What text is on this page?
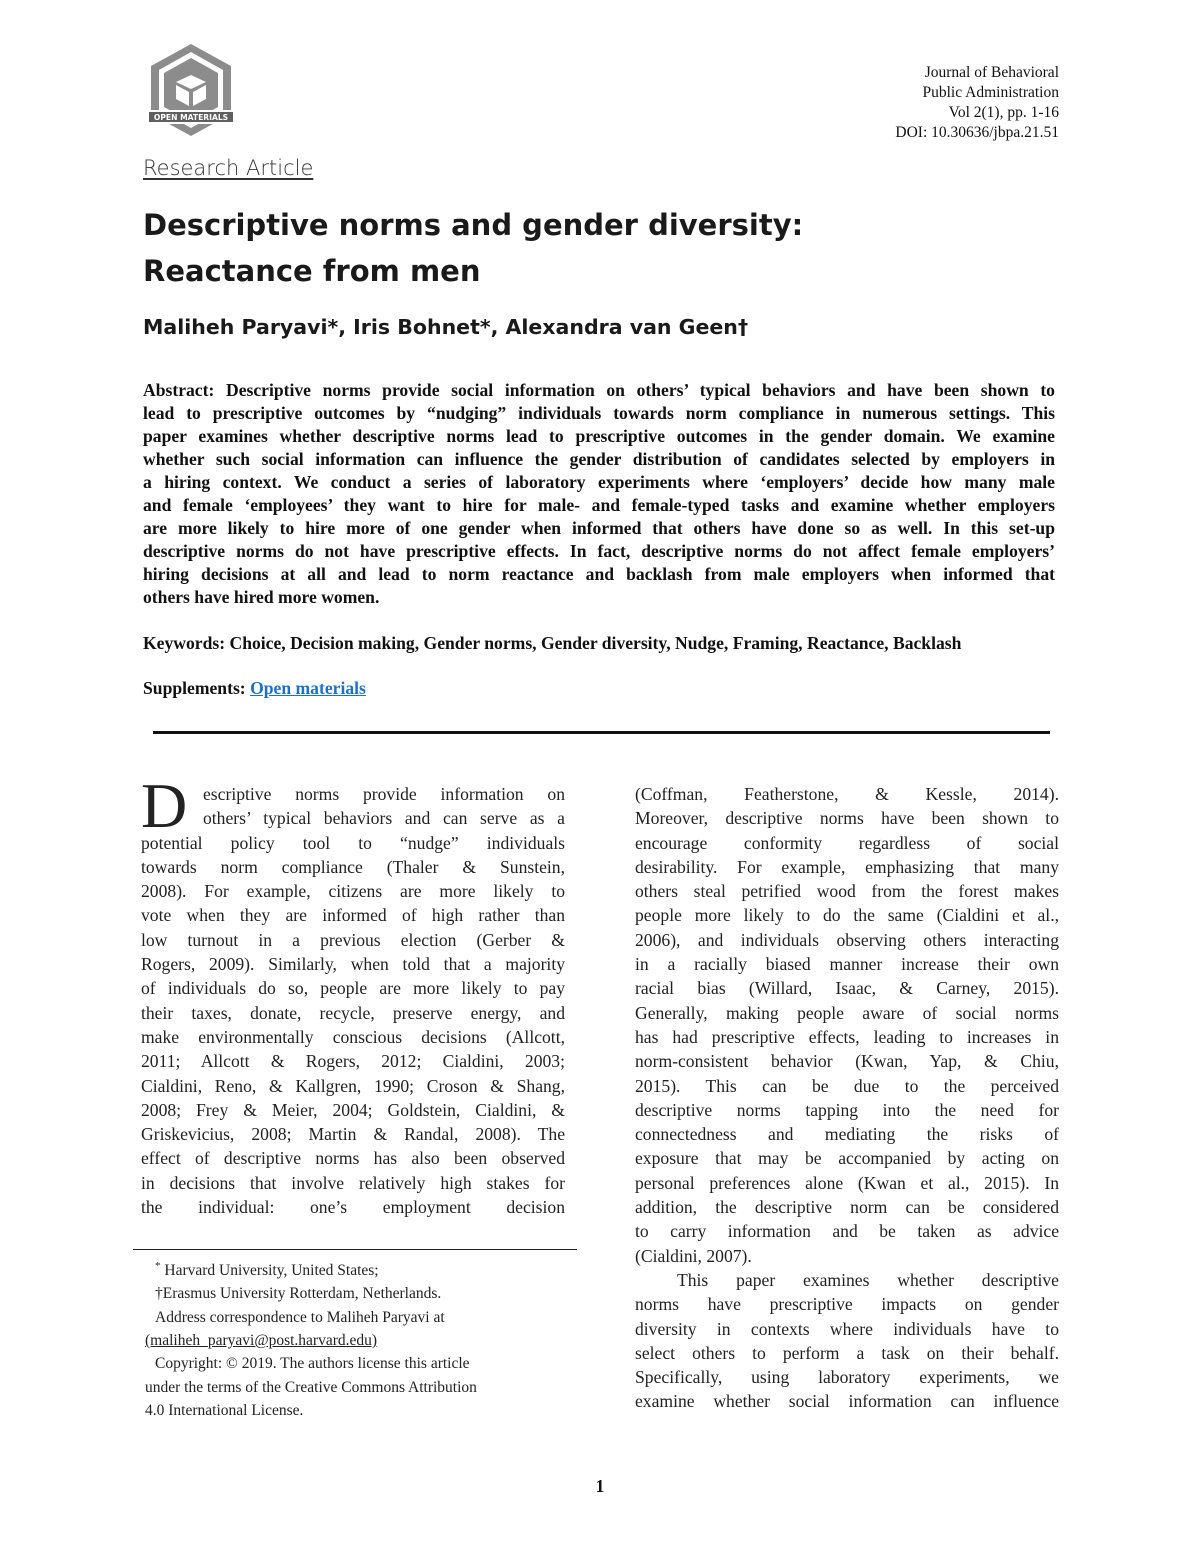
OPEN MATERIALS
Journal of Behavioral
Public Administration
Vol 2(1), pp. 1-16
DOI: 10.30636/jbpa.21.51
Research Article
Descriptive norms and gender diversity:
Reactance from men
Maliheh Paryavi*, Iris Bohnet*, Alexandra van Geen†
Abstract: Descriptive norms provide social information on others’ typical behaviors and have been shown to
lead to prescriptive outcomes by “nudging” individuals towards norm compliance in numerous settings. This
paper examines whether descriptive norms lead to prescriptive outcomes in the gender domain. We examine
whether such social information can influence the gender distribution of candidates selected by employers in
a hiring context. We conduct a series of laboratory experiments where ‘employers’ decide how many male
and female ‘employees’ they want to hire for male- and female-typed tasks and examine whether employers
are more likely to hire more of one gender when informed that others have done so as well. In this set-up
descriptive norms do not have prescriptive effects. In fact, descriptive norms do not affect female employers’
hiring decisions at all and lead to norm reactance and backlash from male employers when informed that
others have hired more women.
Keywords: Choice, Decision making, Gender norms, Gender diversity, Nudge, Framing, Reactance, Backlash
Supplements: Open materials
D escriptive norms provide information on
others’ typical behaviors and can serve as a
potential policy tool to “nudge” individuals
towards norm compliance (Thaler & Sunstein,
2008). For example, citizens are more likely to
vote when they are informed of high rather than
low turnout in a previous election (Gerber &
Rogers, 2009). Similarly, when told that a majority
of individuals do so, people are more likely to pay
their taxes, donate, recycle, preserve energy, and
make environmentally conscious decisions (Allcott,
2011; Allcott & Rogers, 2012; Cialdini, 2003;
Cialdini, Reno, & Kallgren, 1990; Croson & Shang,
2008; Frey & Meier, 2004; Goldstein, Cialdini, &
Griskevicius, 2008; Martin & Randal, 2008). The
effect of descriptive norms has also been observed
in decisions that involve relatively high stakes for
the individual: one’s employment decision
* Harvard University, United States;
†Erasmus University Rotterdam, Netherlands.
Address correspondence to Maliheh Paryavi at
(maliheh_paryavi@post.harvard.edu)
Copyright: © 2019. The authors license this article
under the terms of the Creative Commons Attribution
4.0 International License.
(Coffman, Featherstone, & Kessle, 2014).
Moreover, descriptive norms have been shown to
encourage conformity regardless of social
desirability. For example, emphasizing that many
others steal petrified wood from the forest makes
people more likely to do the same (Cialdini et al.,
2006), and individuals observing others interacting
in a racially biased manner increase their own
racial bias (Willard, Isaac, & Carney, 2015).
Generally, making people aware of social norms
has had prescriptive effects, leading to increases in
norm-consistent behavior (Kwan, Yap, & Chiu,
2015). This can be due to the perceived
descriptive norms tapping into the need for
connectedness and mediating the risks of
exposure that may be accompanied by acting on
personal preferences alone (Kwan et al., 2015). In
addition, the descriptive norm can be considered
to carry information and be taken as advice
(Cialdini, 2007).
This paper examines whether descriptive
norms have prescriptive impacts on gender
diversity in contexts where individuals have to
select others to perform a task on their behalf.
Specifically, using laboratory experiments, we
examine whether social information can influence
1
